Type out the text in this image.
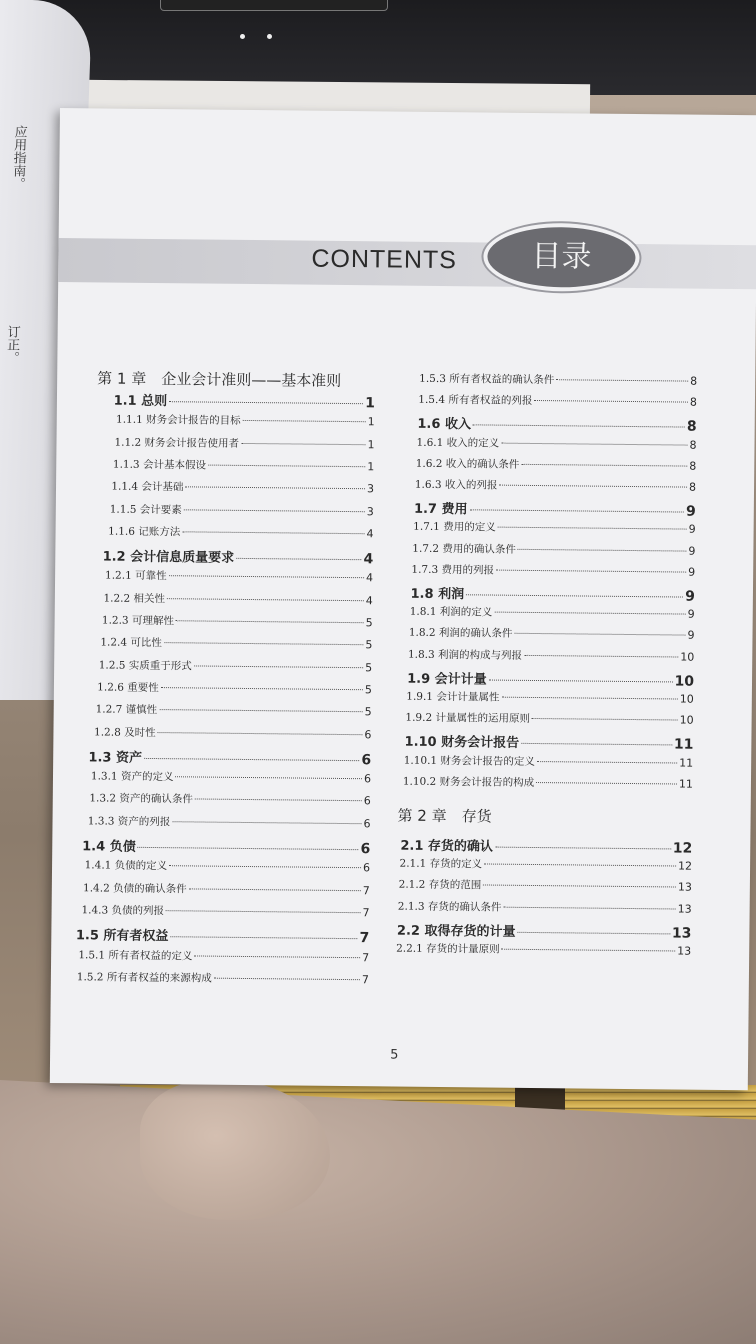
应用指南。
订正。
CONTENTS	目录
第 1 章　企业会计准则——基本准则
1.1 总则	1
1.1.1 财务会计报告的目标	1
1.1.2 财务会计报告使用者	1
1.1.3 会计基本假设	1
1.1.4 会计基础	3
1.1.5 会计要素	3
1.1.6 记账方法	4
1.2 会计信息质量要求	4
1.2.1 可靠性	4
1.2.2 相关性	4
1.2.3 可理解性	5
1.2.4 可比性	5
1.2.5 实质重于形式	5
1.2.6 重要性	5
1.2.7 谨慎性	5
1.2.8 及时性	6
1.3 资产	6
1.3.1 资产的定义	6
1.3.2 资产的确认条件	6
1.3.3 资产的列报	6
1.4 负债	6
1.4.1 负债的定义	6
1.4.2 负债的确认条件	7
1.4.3 负债的列报	7
1.5 所有者权益	7
1.5.1 所有者权益的定义	7
1.5.2 所有者权益的来源构成	7
1.5.3 所有者权益的确认条件	8
1.5.4 所有者权益的列报	8
1.6 收入	8
1.6.1 收入的定义	8
1.6.2 收入的确认条件	8
1.6.3 收入的列报	8
1.7 费用	9
1.7.1 费用的定义	9
1.7.2 费用的确认条件	9
1.7.3 费用的列报	9
1.8 利润	9
1.8.1 利润的定义	9
1.8.2 利润的确认条件	9
1.8.3 利润的构成与列报	10
1.9 会计计量	10
1.9.1 会计计量属性	10
1.9.2 计量属性的运用原则	10
1.10 财务会计报告	11
1.10.1 财务会计报告的定义	11
1.10.2 财务会计报告的构成	11
第 2 章　存货
2.1 存货的确认	12
2.1.1 存货的定义	12
2.1.2 存货的范围	13
2.1.3 存货的确认条件	13
2.2 取得存货的计量	13
2.2.1 存货的计量原则	13
5
